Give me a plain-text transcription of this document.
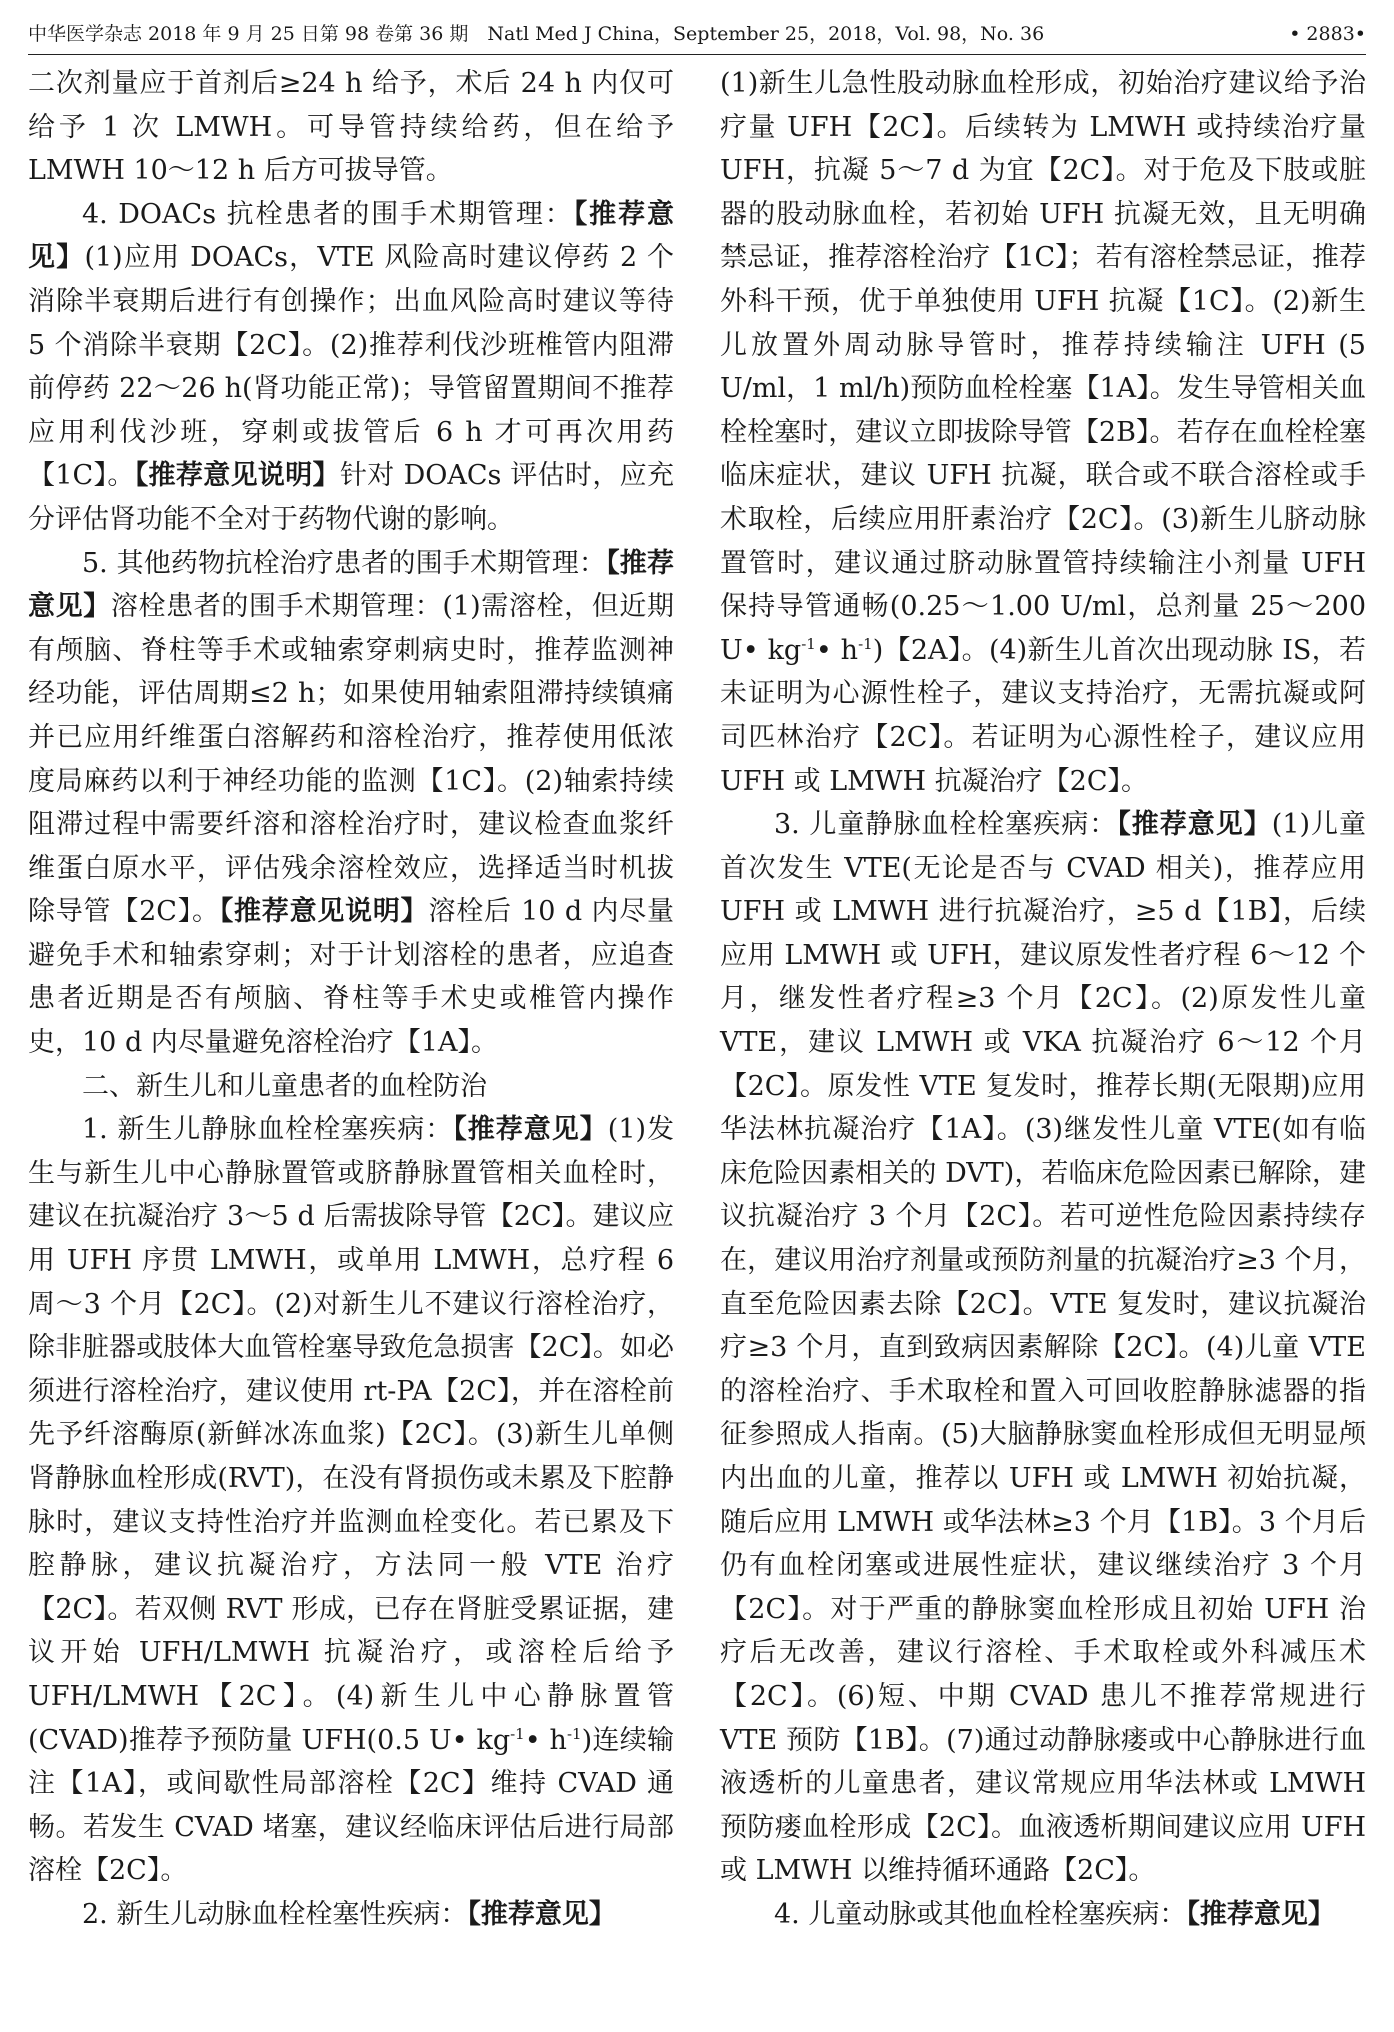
中华医学杂志 2018 年 9 月 25 日第 98 卷第 36 期　Natl Med J China，September 25，2018，Vol. 98，No. 36	• 2883•

二次剂量应于首剂后≥24 h 给予，术后 24 h 内仅可给予 1 次 LMWH。可导管持续给药，但在给予 LMWH 10～12 h 后方可拔导管。

4. DOACs 抗栓患者的围手术期管理：【推荐意见】(1)应用 DOACs，VTE 风险高时建议停药 2 个消除半衰期后进行有创操作；出血风险高时建议等待 5 个消除半衰期【2C】。(2)推荐利伐沙班椎管内阻滞前停药 22～26 h(肾功能正常)；导管留置期间不推荐应用利伐沙班，穿刺或拔管后 6 h 才可再次用药【1C】。【推荐意见说明】针对 DOACs 评估时，应充分评估肾功能不全对于药物代谢的影响。

5. 其他药物抗栓治疗患者的围手术期管理：【推荐意见】溶栓患者的围手术期管理：(1)需溶栓，但近期有颅脑、脊柱等手术或轴索穿刺病史时，推荐监测神经功能，评估周期≤2 h；如果使用轴索阻滞持续镇痛并已应用纤维蛋白溶解药和溶栓治疗，推荐使用低浓度局麻药以利于神经功能的监测【1C】。(2)轴索持续阻滞过程中需要纤溶和溶栓治疗时，建议检查血浆纤维蛋白原水平，评估残余溶栓效应，选择适当时机拔除导管【2C】。【推荐意见说明】溶栓后 10 d 内尽量避免手术和轴索穿刺；对于计划溶栓的患者，应追查患者近期是否有颅脑、脊柱等手术史或椎管内操作史，10 d 内尽量避免溶栓治疗【1A】。

二、新生儿和儿童患者的血栓防治

1. 新生儿静脉血栓栓塞疾病：【推荐意见】(1)发生与新生儿中心静脉置管或脐静脉置管相关血栓时，建议在抗凝治疗 3～5 d 后需拔除导管【2C】。建议应用 UFH 序贯 LMWH，或单用 LMWH，总疗程 6 周～3 个月【2C】。(2)对新生儿不建议行溶栓治疗，除非脏器或肢体大血管栓塞导致危急损害【2C】。如必须进行溶栓治疗，建议使用 rt-PA【2C】，并在溶栓前先予纤溶酶原(新鲜冰冻血浆)【2C】。(3)新生儿单侧肾静脉血栓形成(RVT)，在没有肾损伤或未累及下腔静脉时，建议支持性治疗并监测血栓变化。若已累及下腔静脉，建议抗凝治疗，方法同一般 VTE 治疗【2C】。若双侧 RVT 形成，已存在肾脏受累证据，建议开始 UFH/LMWH 抗凝治疗，或溶栓后给予 UFH/LMWH【2C】。(4)新生儿中心静脉置管(CVAD)推荐予预防量 UFH(0.5 U• $kg^{-1}•$ $h^{-1}$)连续输注【1A】，或间歇性局部溶栓【2C】维持 CVAD 通畅。若发生 CVAD 堵塞，建议经临床评估后进行局部溶栓【2C】。

2. 新生儿动脉血栓栓塞性疾病：【推荐意见】

(1)新生儿急性股动脉血栓形成，初始治疗建议给予治疗量 UFH【2C】。后续转为 LMWH 或持续治疗量 UFH，抗凝 5～7 d 为宜【2C】。对于危及下肢或脏器的股动脉血栓，若初始 UFH 抗凝无效，且无明确禁忌证，推荐溶栓治疗【1C】；若有溶栓禁忌证，推荐外科干预，优于单独使用 UFH 抗凝【1C】。(2)新生儿放置外周动脉导管时，推荐持续输注 UFH (5 U/ml，1 ml/h)预防血栓栓塞【1A】。发生导管相关血栓栓塞时，建议立即拔除导管【2B】。若存在血栓栓塞临床症状，建议 UFH 抗凝，联合或不联合溶栓或手术取栓，后续应用肝素治疗【2C】。(3)新生儿脐动脉置管时，建议通过脐动脉置管持续输注小剂量 UFH 保持导管通畅(0.25～1.00 U/ml，总剂量 25～200 U• $kg^{-1}•$ $h^{-1}$)【2A】。(4)新生儿首次出现动脉 IS，若未证明为心源性栓子，建议支持治疗，无需抗凝或阿司匹林治疗【2C】。若证明为心源性栓子，建议应用 UFH 或 LMWH 抗凝治疗【2C】。

3. 儿童静脉血栓栓塞疾病：【推荐意见】(1)儿童首次发生 VTE(无论是否与 CVAD 相关)，推荐应用 UFH 或 LMWH 进行抗凝治疗，≥5 d【1B】，后续应用 LMWH 或 UFH，建议原发性者疗程 6～12 个月，继发性者疗程≥3 个月【2C】。(2)原发性儿童 VTE，建议 LMWH 或 VKA 抗凝治疗 6～12 个月【2C】。原发性 VTE 复发时，推荐长期(无限期)应用华法林抗凝治疗【1A】。(3)继发性儿童 VTE(如有临床危险因素相关的 DVT)，若临床危险因素已解除，建议抗凝治疗 3 个月【2C】。若可逆性危险因素持续存在，建议用治疗剂量或预防剂量的抗凝治疗≥3 个月，直至危险因素去除【2C】。VTE 复发时，建议抗凝治疗≥3 个月，直到致病因素解除【2C】。(4)儿童 VTE 的溶栓治疗、手术取栓和置入可回收腔静脉滤器的指征参照成人指南。(5)大脑静脉窦血栓形成但无明显颅内出血的儿童，推荐以 UFH 或 LMWH 初始抗凝，随后应用 LMWH 或华法林≥3 个月【1B】。3 个月后仍有血栓闭塞或进展性症状，建议继续治疗 3 个月【2C】。对于严重的静脉窦血栓形成且初始 UFH 治疗后无改善，建议行溶栓、手术取栓或外科减压术【2C】。(6)短、中期 CVAD 患儿不推荐常规进行 VTE 预防【1B】。(7)通过动静脉瘘或中心静脉进行血液透析的儿童患者，建议常规应用华法林或 LMWH 预防瘘血栓形成【2C】。血液透析期间建议应用 UFH 或 LMWH 以维持循环通路【2C】。

4. 儿童动脉或其他血栓栓塞疾病：【推荐意见】
